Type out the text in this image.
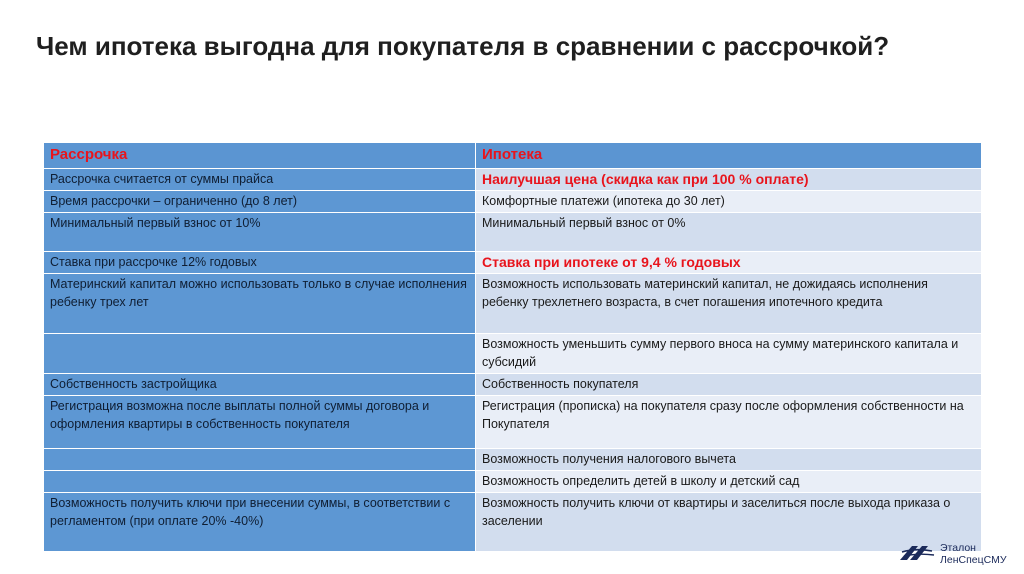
Чем ипотека выгодна для покупателя в сравнении с рассрочкой?
Рассрочка	Ипотека
Рассрочка считается от суммы прайса	Наилучшая цена (скидка как при 100 % оплате)
Время рассрочки – ограниченно (до 8 лет)	Комфортные платежи (ипотека до 30 лет)
Минимальный первый взнос от 10%	Минимальный первый взнос от 0%
Ставка при рассрочке 12% годовых	Ставка при ипотеке от 9,4 % годовых
Материнский капитал можно использовать только в случае исполнения ребенку трех лет	Возможность использовать материнский капитал, не дожидаясь исполнения ребенку трехлетнего возраста, в счет погашения ипотечного кредита
	Возможность уменьшить сумму первого вноса на сумму материнского капитала и субсидий
Собственность застройщика	Собственность покупателя
Регистрация возможна после выплаты полной суммы договора и оформления квартиры в собственность покупателя	Регистрация (прописка) на покупателя сразу после оформления собственности на Покупателя
	Возможность получения налогового вычета
	Возможность определить детей в школу и детский сад
Возможность получить ключи при внесении суммы, в соответствии с регламентом (при оплате 20% -40%)	Возможность получить ключи от квартиры и заселиться после выхода приказа о заселении
Эталон
ЛенСпецСМУ
